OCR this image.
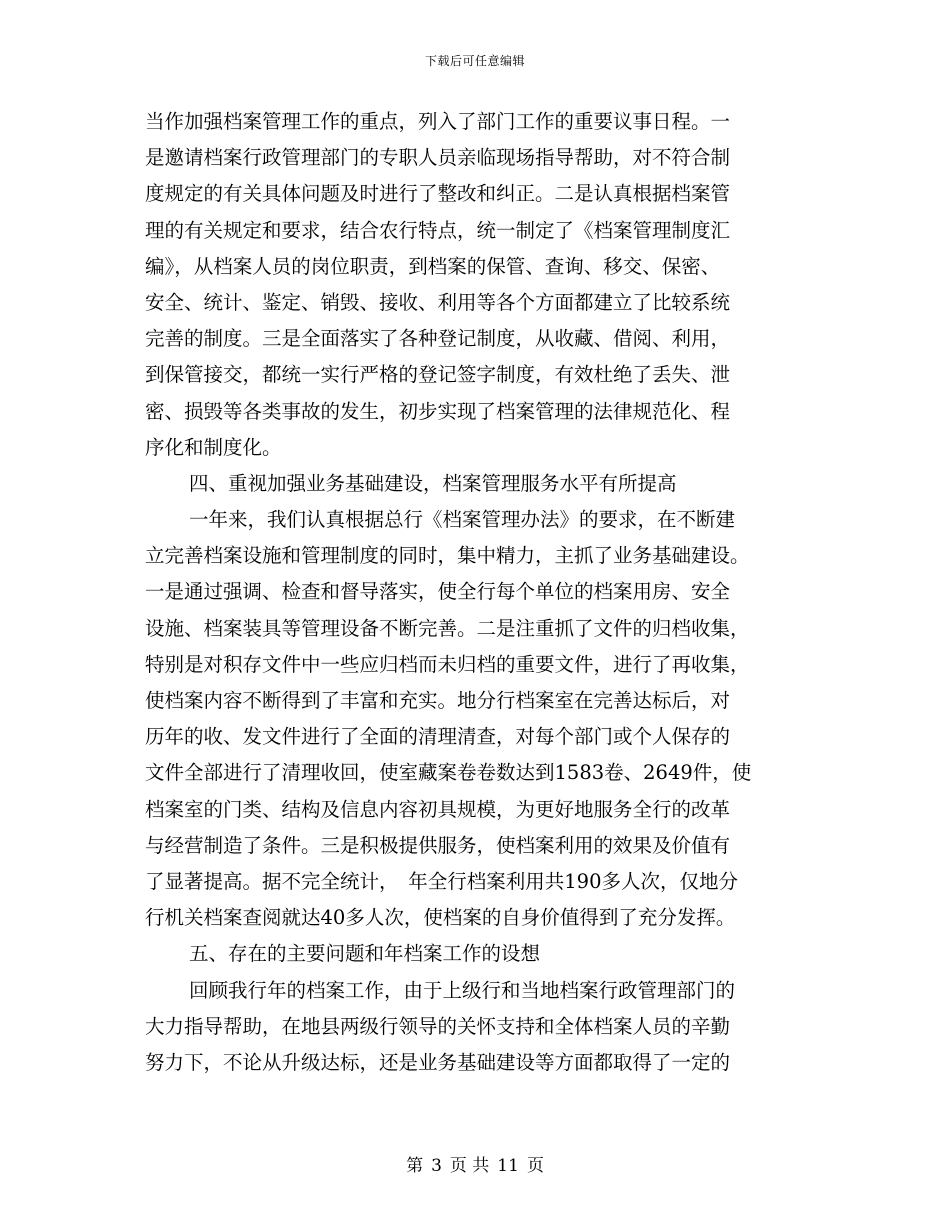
下载后可任意编辑
当作加强档案管理工作的重点，列入了部门工作的重要议事日程。一
是邀请档案行政管理部门的专职人员亲临现场指导帮助，对不符合制
度规定的有关具体问题及时进行了整改和纠正。二是认真根据档案管
理的有关规定和要求，结合农行特点，统一制定了《档案管理制度汇
编》，从档案人员的岗位职责，到档案的保管、查询、移交、保密、
安全、统计、鉴定、销毁、接收、利用等各个方面都建立了比较系统
完善的制度。三是全面落实了各种登记制度，从收藏、借阅、利用，
到保管接交，都统一实行严格的登记签字制度，有效杜绝了丢失、泄
密、损毁等各类事故的发生，初步实现了档案管理的法律规范化、程
序化和制度化。
四、重视加强业务基础建设，档案管理服务水平有所提高
一年来，我们认真根据总行《档案管理办法》的要求，在不断建
立完善档案设施和管理制度的同时，集中精力，主抓了业务基础建设。
一是通过强调、检查和督导落实，使全行每个单位的档案用房、安全
设施、档案装具等管理设备不断完善。二是注重抓了文件的归档收集，
特别是对积存文件中一些应归档而未归档的重要文件，进行了再收集，
使档案内容不断得到了丰富和充实。地分行档案室在完善达标后，对
历年的收、发文件进行了全面的清理清查，对每个部门或个人保存的
文件全部进行了清理收回，使室藏案卷卷数达到1583卷、2649件，使
档案室的门类、结构及信息内容初具规模，为更好地服务全行的改革
与经营制造了条件。三是积极提供服务，使档案利用的效果及价值有
了显著提高。据不完全统计，　年全行档案利用共190多人次，仅地分
行机关档案查阅就达40多人次，使档案的自身价值得到了充分发挥。
五、存在的主要问题和年档案工作的设想
回顾我行年的档案工作，由于上级行和当地档案行政管理部门的
大力指导帮助，在地县两级行领导的关怀支持和全体档案人员的辛勤
努力下，不论从升级达标，还是业务基础建设等方面都取得了一定的
第 3 页 共 11 页
